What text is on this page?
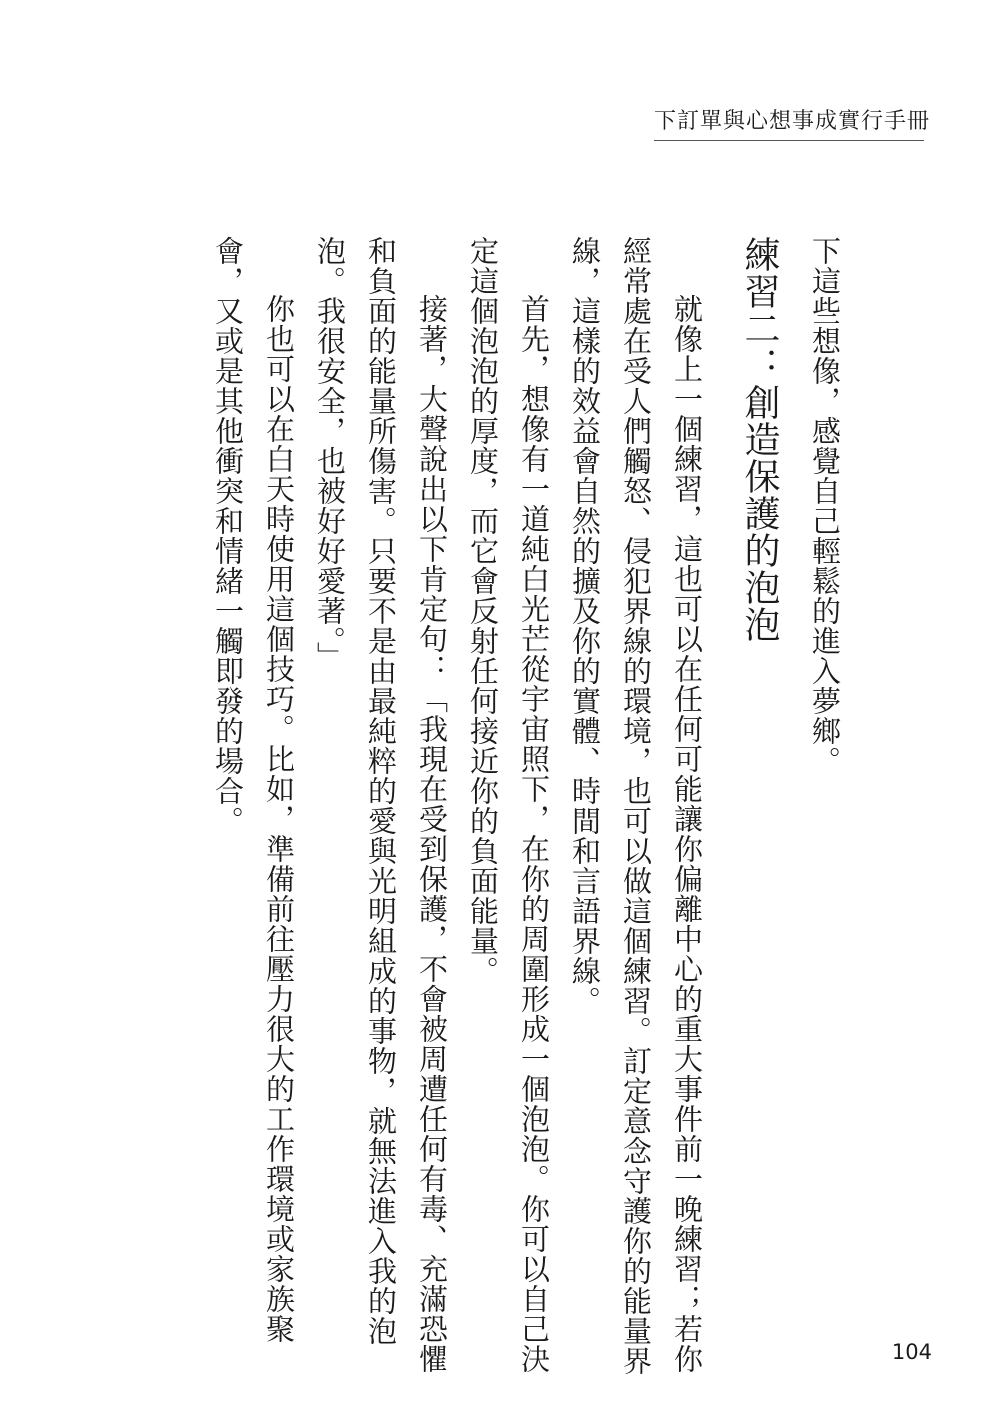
下訂單與心想事成實行手冊

下這些想像，感覺自己輕鬆的進入夢鄉。

練習二：創造保護的泡泡

就像上一個練習，這也可以在任何可能讓你偏離中心的重大事件前一晚練習；若你

經常處在受人們觸怒、侵犯界線的環境，也可以做這個練習。訂定意念守護你的能量界

線，這樣的效益會自然的擴及你的實體、時間和言語界線。

首先，想像有一道純白光芒從宇宙照下，在你的周圍形成一個泡泡。你可以自己決

定這個泡泡的厚度，而它會反射任何接近你的負面能量。

接著，大聲說出以下肯定句：「我現在受到保護，不會被周遭任何有毒、充滿恐懼

和負面的能量所傷害。只要不是由最純粹的愛與光明組成的事物，就無法進入我的泡

泡。我很安全，也被好好愛著。」

你也可以在白天時使用這個技巧。比如，準備前往壓力很大的工作環境或家族聚

會，又或是其他衝突和情緒一觸即發的場合。

104
